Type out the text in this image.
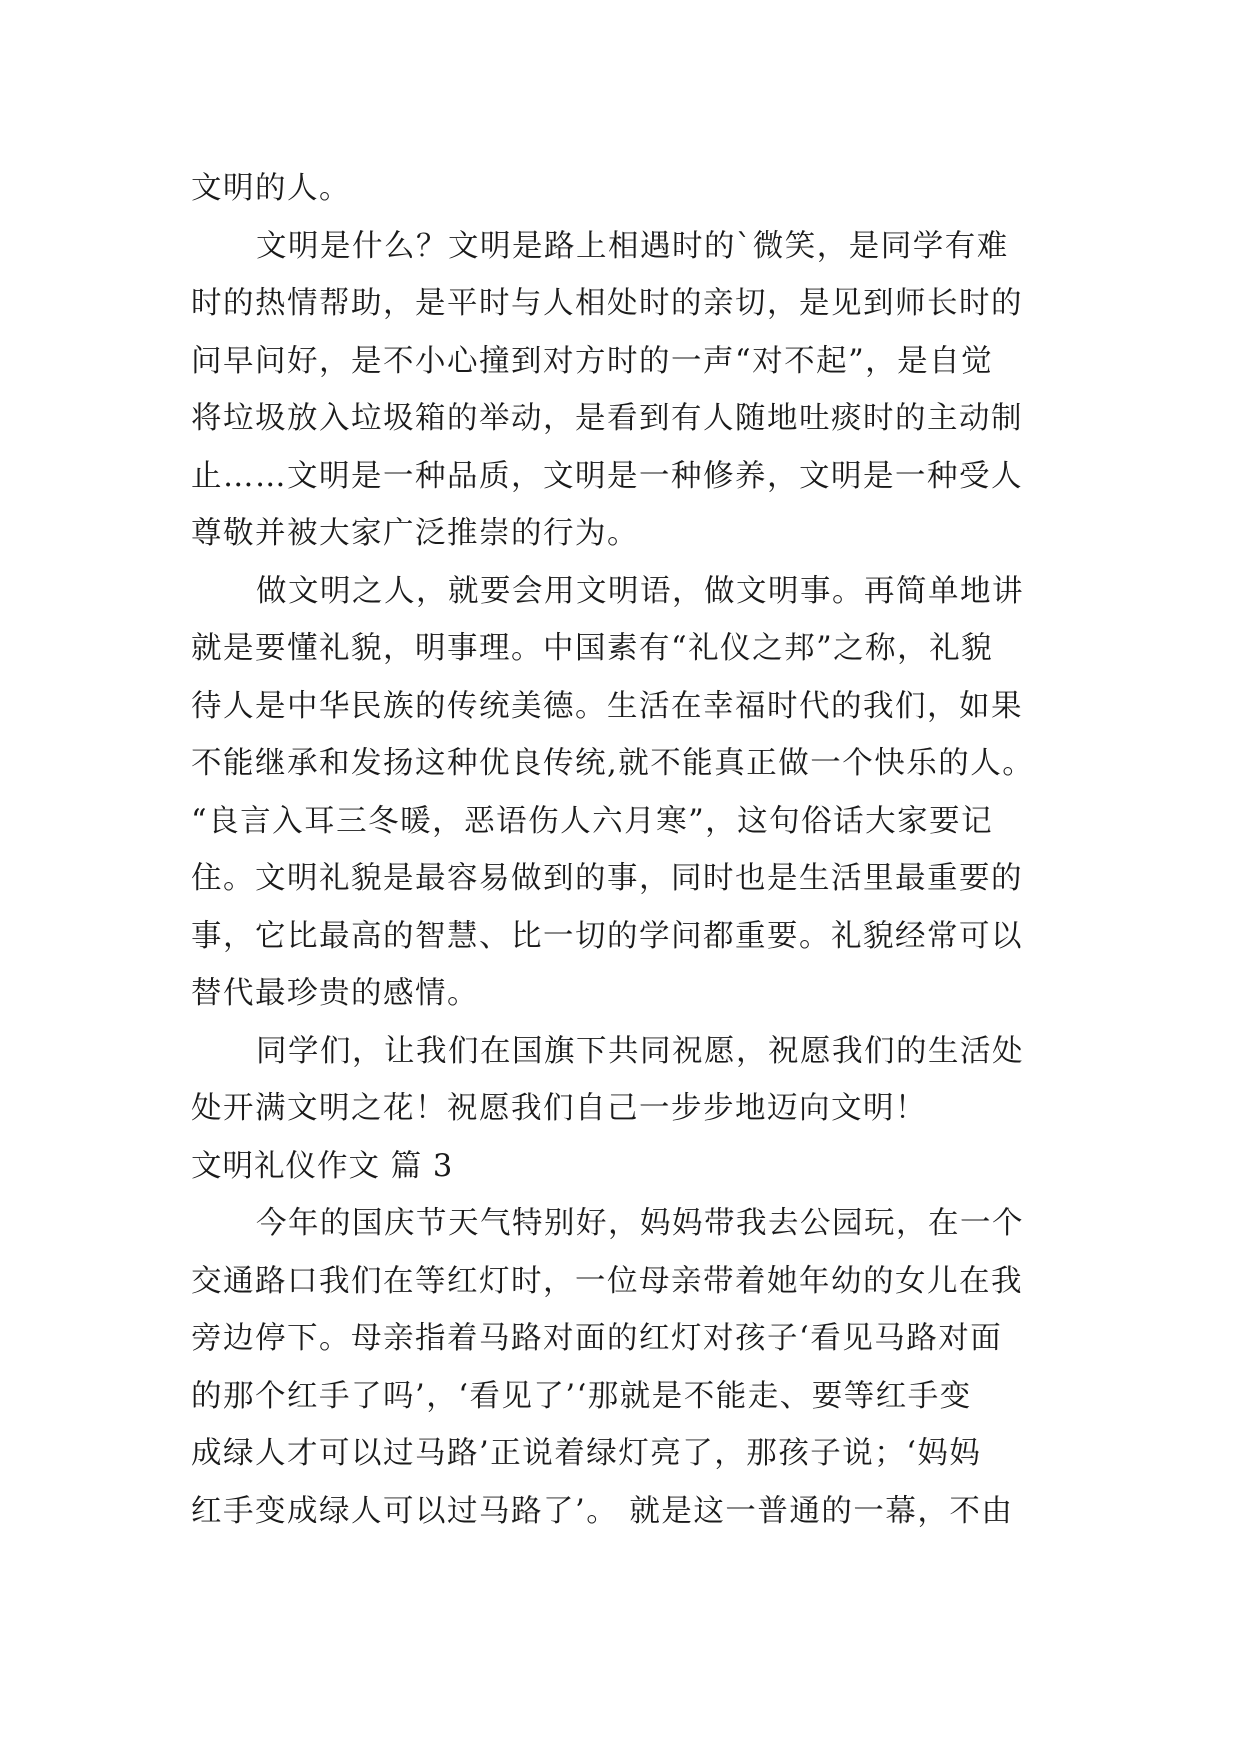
文明的人。
文明是什么？文明是路上相遇时的`微笑，是同学有难
时的热情帮助，是平时与人相处时的亲切，是见到师长时的
问早问好，是不小心撞到对方时的一声“对不起”，是自觉
将垃圾放入垃圾箱的举动，是看到有人随地吐痰时的主动制
止……文明是一种品质，文明是一种修养，文明是一种受人
尊敬并被大家广泛推崇的行为。
做文明之人，就要会用文明语，做文明事。再简单地讲
就是要懂礼貌，明事理。中国素有“礼仪之邦”之称，礼貌
待人是中华民族的传统美德。生活在幸福时代的我们，如果
不能继承和发扬这种优良传统,就不能真正做一个快乐的人。
“良言入耳三冬暖，恶语伤人六月寒”，这句俗话大家要记
住。文明礼貌是最容易做到的事，同时也是生活里最重要的
事，它比最高的智慧、比一切的学问都重要。礼貌经常可以
替代最珍贵的感情。
同学们，让我们在国旗下共同祝愿，祝愿我们的生活处
处开满文明之花！祝愿我们自己一步步地迈向文明！
文明礼仪作文 篇 3
今年的国庆节天气特别好，妈妈带我去公园玩，在一个
交通路口我们在等红灯时，一位母亲带着她年幼的女儿在我
旁边停下。母亲指着马路对面的红灯对孩子‘看见马路对面
的那个红手了吗’，‘看见了’‘那就是不能走、要等红手变
成绿人才可以过马路’正说着绿灯亮了，那孩子说；‘妈妈
红手变成绿人可以过马路了’。 就是这一普通的一幕，不由
